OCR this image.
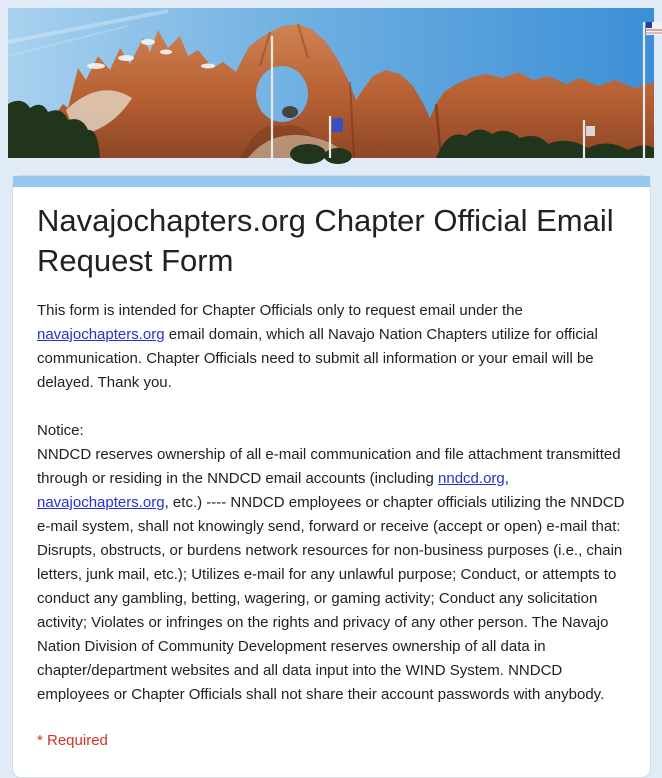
Navajochapters.org Chapter Official Email Request Form
This form is intended for Chapter Officials only to request email under the navajochapters.org email domain, which all Navajo Nation Chapters utilize for official communication. Chapter Officials need to submit all information or your email will be delayed. Thank you.

Notice:
NNDCD reserves ownership of all e-mail communication and file attachment transmitted through or residing in the NNDCD email accounts (including nndcd.org, navajochapters.org, etc.) ---- NNDCD employees or chapter officials utilizing the NNDCD e-mail system, shall not knowingly send, forward or receive (accept or open) e-mail that: Disrupts, obstructs, or burdens network resources for non-business purposes (i.e., chain letters, junk mail, etc.); Utilizes e-mail for any unlawful purpose; Conduct, or attempts to conduct any gambling, betting, wagering, or gaming activity; Conduct any solicitation activity; Violates or infringes on the rights and privacy of any other person. The Navajo Nation Division of Community Development reserves ownership of all data in chapter/department websites and all data input into the WIND System. NNDCD employees or Chapter Officials shall not share their account passwords with anybody.
* Required
